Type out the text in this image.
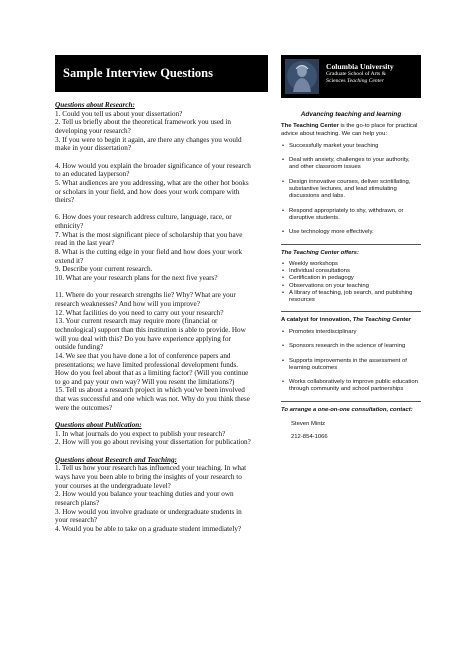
Sample Interview Questions
Questions about Research:

1. Could you tell us about your dissertation?

2. Tell us briefly about the theoretical framework you used in

developing your research?

3. If you were to begin it again, are there any changes you would

make in your dissertation?

4. How would you explain the broader significance of your research

to an educated layperson?

5. What audiences are you addressing, what are the other hot books

or scholars in your field, and how does your work compare with

theirs?

6. How does your research address culture, language, race, or

ethnicity?

7. What is the most significant piece of scholarship that you have

read in the last year?

8. What is the cutting edge in your field and how does your work

extend it?

9. Describe your current research.

10. What are your research plans for the next five years?

11. Where do your research strengths lie? Why? What are your

research weaknesses? And how will you improve?

12. What facilities do you need to carry out your research?

13. Your current research may require more (financial or

technological) support than this institution is able to provide. How

will you deal with this? Do you have experience applying for

outside funding?

14. We see that you have done a lot of conference papers and

presentations; we have limited professional development funds.

How do you feel about that as a limiting factor? (Will you continue

to go and pay your own way? Will you resent the limitations?)

15. Tell us about a research project in which you've been involved

that was successful and one which was not. Why do you think these

were the outcomes?

Questions about Publication:

1. In what journals do you expect to publish your research?

2. How will you go about revising your dissertation for publication?

Questions about Research and Teaching:

1. Tell us how your research has influenced your teaching. In what

ways have you been able to bring the insights of your research to

your courses at the undergraduate level?

2. How would you balance your teaching duties and your own

research plans?

3. How would you involve graduate or undergraduate students in

your research?

4. Would you be able to take on a graduate student immediately?

Columbia University
Graduate School of Arts &
Sciences Teaching Center

Advancing teaching and learning

The Teaching Center is the go-to place for practical advice about teaching. We can help you:

• Successfully market your teaching
• Deal with anxiety, challenges to your authority, and other classroom issues
• Design innovative courses, deliver scintillating, substantive lectures, and lead stimulating discussions and labs.
• Respond appropriately to shy, withdrawn, or disruptive students.
• Use technology more effectively.

The Teaching Center offers:

• Weekly workshops
• Individual consultations
• Certification in pedagogy
• Observations on your teaching
• A library of teaching, job search, and publishing resources

A catalyst for innovation, The Teaching Center

• Promotes interdisciplinary
• Sponsors research in the science of learning
• Supports improvements in the assessment of learning outcomes
• Works collaboratively to improve public education through community and school partnerships

To arrange a one-on-one consultation, contact:

Steven Mintz

212-854-1066
